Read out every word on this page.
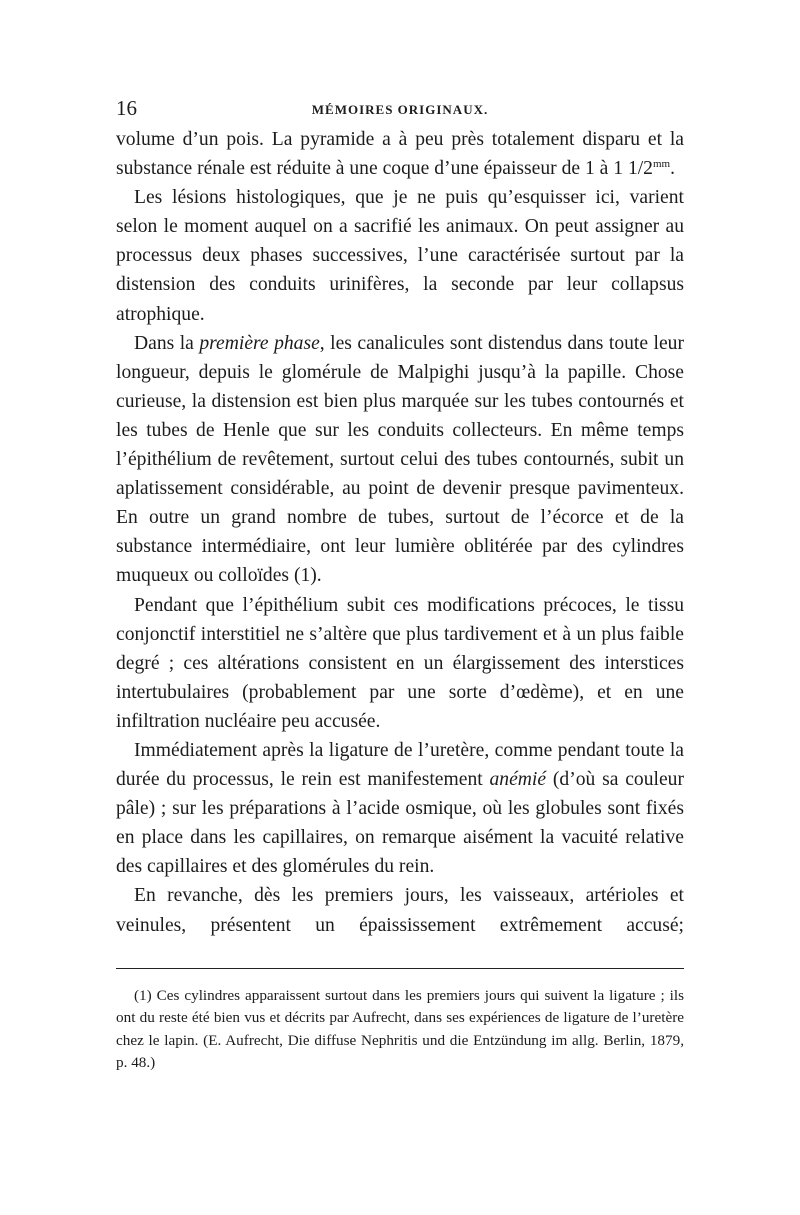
16	MÉMOIRES ORIGINAUX.

volume d’un pois. La pyramide a à peu près totalement disparu et la substance rénale est réduite à une coque d’une épaisseur de 1 à 1 $1/2^{mm}$.

Les lésions histologiques, que je ne puis qu’esquisser ici, varient selon le moment auquel on a sacrifié les animaux. On peut assigner au processus deux phases successives, l’une caractérisée surtout par la distension des conduits urinifères, la seconde par leur collapsus atrophique.

Dans la première phase, les canalicules sont distendus dans toute leur longueur, depuis le glomérule de Malpighi jusqu’à la papille. Chose curieuse, la distension est bien plus marquée sur les tubes contournés et les tubes de Henle que sur les conduits collecteurs. En même temps l’épithélium de revêtement, surtout celui des tubes contournés, subit un aplatissement considérable, au point de devenir presque pavimenteux. En outre un grand nombre de tubes, surtout de l’écorce et de la substance intermédiaire, ont leur lumière oblitérée par des cylindres muqueux ou colloïdes (1).

Pendant que l’épithélium subit ces modifications précoces, le tissu conjonctif interstitiel ne s’altère que plus tardivement et à un plus faible degré ; ces altérations consistent en un élargissement des interstices intertubulaires (probablement par une sorte d’œdème), et en une infiltration nucléaire peu accusée.

Immédiatement après la ligature de l’uretère, comme pendant toute la durée du processus, le rein est manifestement anémié (d’où sa couleur pâle) ; sur les préparations à l’acide osmique, où les globules sont fixés en place dans les capillaires, on remarque aisément la vacuité relative des capillaires et des glomérules du rein.

En revanche, dès les premiers jours, les vaisseaux, artérioles et veinules, présentent un épaississement extrêmement accusé;

(1) Ces cylindres apparaissent surtout dans les premiers jours qui suivent la ligature ; ils ont du reste été bien vus et décrits par Aufrecht, dans ses expériences de ligature de l’uretère chez le lapin. (E. Aufrecht, Die diffuse Nephritis und die Entzündung im allg. Berlin, 1879, p. 48.)
